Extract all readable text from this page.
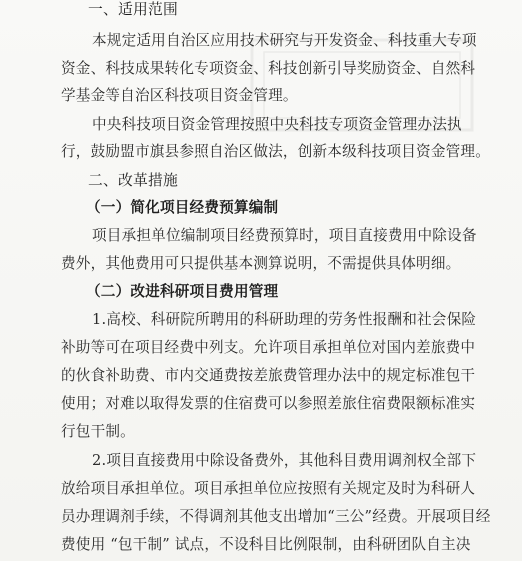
一、适用范围
本规定适用自治区应用技术研究与开发资金、科技重大专项
资金、科技成果转化专项资金、科技创新引导奖励资金、自然科
学基金等自治区科技项目资金管理。
中央科技项目资金管理按照中央科技专项资金管理办法执
行，鼓励盟市旗县参照自治区做法，创新本级科技项目资金管理。
二、改革措施
（一）简化项目经费预算编制
项目承担单位编制项目经费预算时，项目直接费用中除设备
费外，其他费用可只提供基本测算说明，不需提供具体明细。
（二）改进科研项目费用管理
1.高校、科研院所聘用的科研助理的劳务性报酬和社会保险
补助等可在项目经费中列支。允许项目承担单位对国内差旅费中
的伙食补助费、市内交通费按差旅费管理办法中的规定标准包干
使用；对难以取得发票的住宿费可以参照差旅住宿费限额标准实
行包干制。
2.项目直接费用中除设备费外，其他科目费用调剂权全部下
放给项目承担单位。项目承担单位应按照有关规定及时为科研人
员办理调剂手续，不得调剂其他支出增加“三公”经费。开展项目经
费使用 “包干制” 试点，不设科目比例限制，由科研团队自主决
